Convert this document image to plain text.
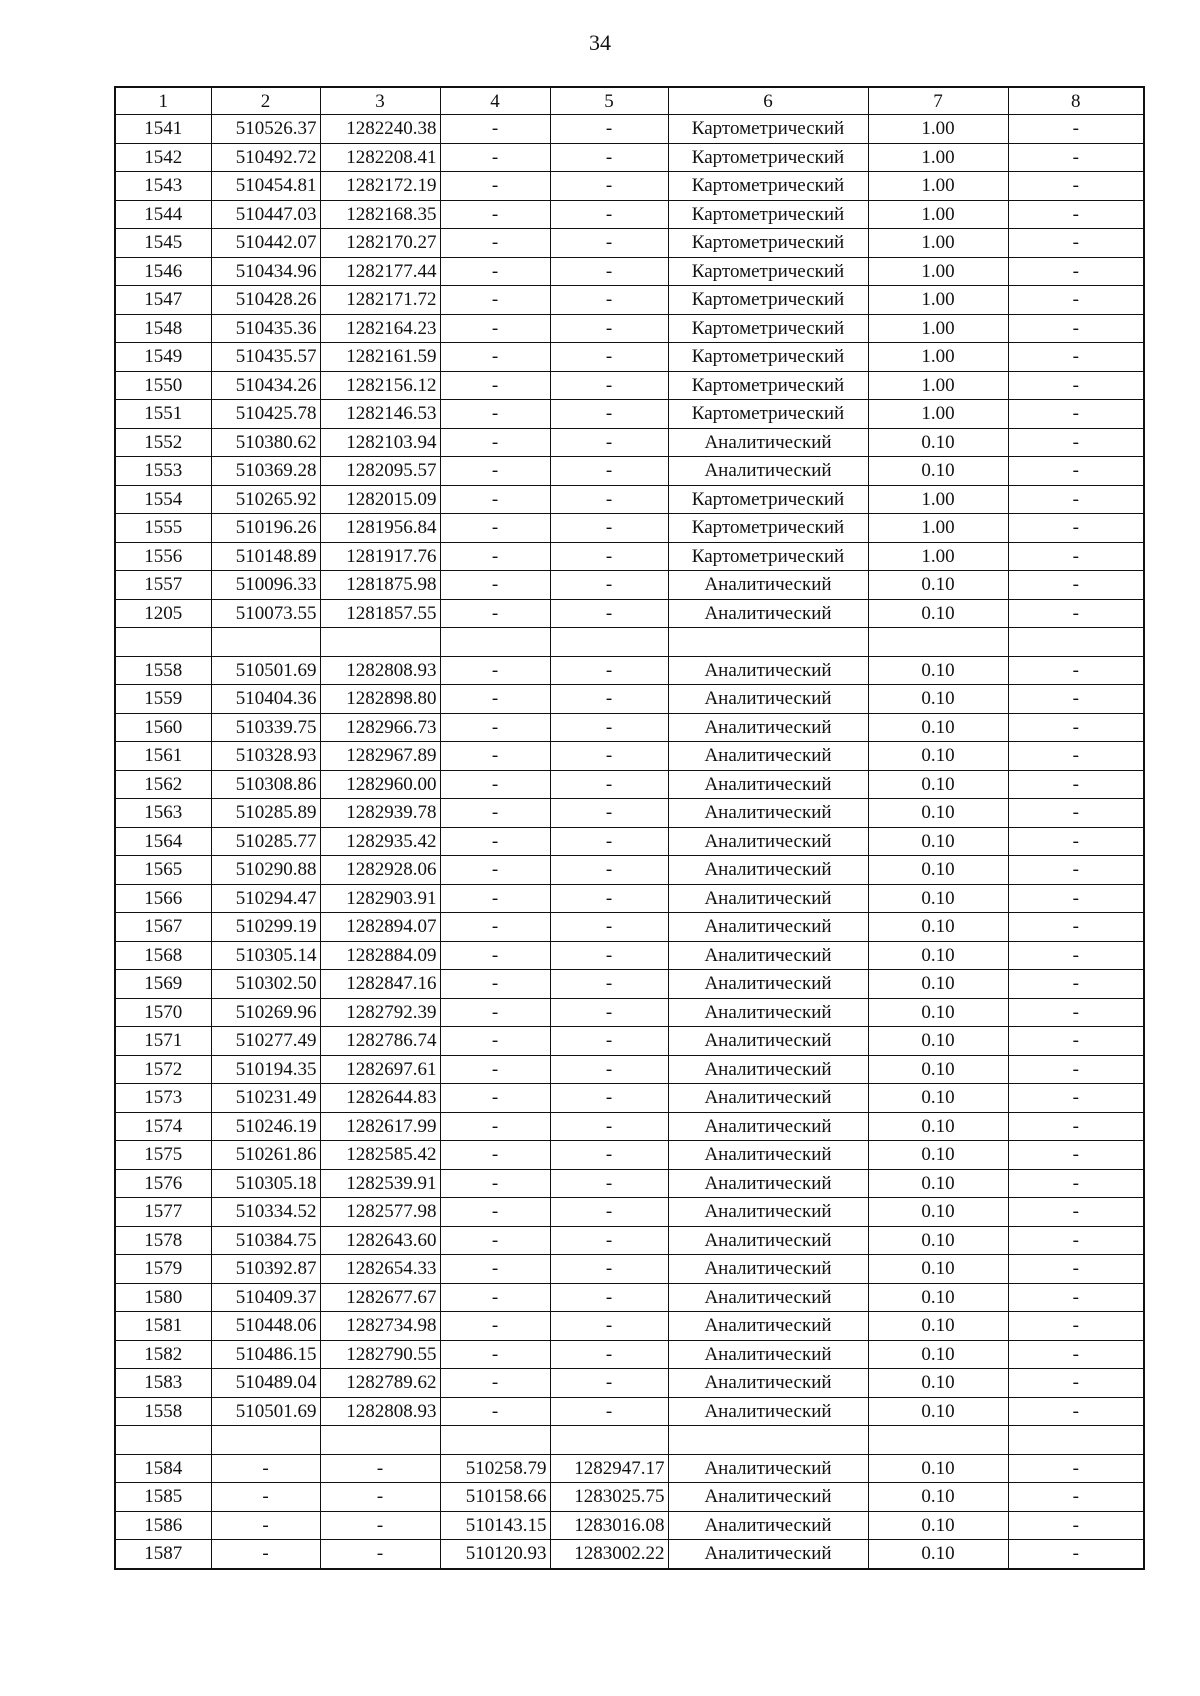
34
1	2	3	4	5	6	7	8
1541	510526.37	1282240.38	-	-	Картометрический	1.00	-
1542	510492.72	1282208.41	-	-	Картометрический	1.00	-
1543	510454.81	1282172.19	-	-	Картометрический	1.00	-
1544	510447.03	1282168.35	-	-	Картометрический	1.00	-
1545	510442.07	1282170.27	-	-	Картометрический	1.00	-
1546	510434.96	1282177.44	-	-	Картометрический	1.00	-
1547	510428.26	1282171.72	-	-	Картометрический	1.00	-
1548	510435.36	1282164.23	-	-	Картометрический	1.00	-
1549	510435.57	1282161.59	-	-	Картометрический	1.00	-
1550	510434.26	1282156.12	-	-	Картометрический	1.00	-
1551	510425.78	1282146.53	-	-	Картометрический	1.00	-
1552	510380.62	1282103.94	-	-	Аналитический	0.10	-
1553	510369.28	1282095.57	-	-	Аналитический	0.10	-
1554	510265.92	1282015.09	-	-	Картометрический	1.00	-
1555	510196.26	1281956.84	-	-	Картометрический	1.00	-
1556	510148.89	1281917.76	-	-	Картометрический	1.00	-
1557	510096.33	1281875.98	-	-	Аналитический	0.10	-
1205	510073.55	1281857.55	-	-	Аналитический	0.10	-

1558	510501.69	1282808.93	-	-	Аналитический	0.10	-
1559	510404.36	1282898.80	-	-	Аналитический	0.10	-
1560	510339.75	1282966.73	-	-	Аналитический	0.10	-
1561	510328.93	1282967.89	-	-	Аналитический	0.10	-
1562	510308.86	1282960.00	-	-	Аналитический	0.10	-
1563	510285.89	1282939.78	-	-	Аналитический	0.10	-
1564	510285.77	1282935.42	-	-	Аналитический	0.10	-
1565	510290.88	1282928.06	-	-	Аналитический	0.10	-
1566	510294.47	1282903.91	-	-	Аналитический	0.10	-
1567	510299.19	1282894.07	-	-	Аналитический	0.10	-
1568	510305.14	1282884.09	-	-	Аналитический	0.10	-
1569	510302.50	1282847.16	-	-	Аналитический	0.10	-
1570	510269.96	1282792.39	-	-	Аналитический	0.10	-
1571	510277.49	1282786.74	-	-	Аналитический	0.10	-
1572	510194.35	1282697.61	-	-	Аналитический	0.10	-
1573	510231.49	1282644.83	-	-	Аналитический	0.10	-
1574	510246.19	1282617.99	-	-	Аналитический	0.10	-
1575	510261.86	1282585.42	-	-	Аналитический	0.10	-
1576	510305.18	1282539.91	-	-	Аналитический	0.10	-
1577	510334.52	1282577.98	-	-	Аналитический	0.10	-
1578	510384.75	1282643.60	-	-	Аналитический	0.10	-
1579	510392.87	1282654.33	-	-	Аналитический	0.10	-
1580	510409.37	1282677.67	-	-	Аналитический	0.10	-
1581	510448.06	1282734.98	-	-	Аналитический	0.10	-
1582	510486.15	1282790.55	-	-	Аналитический	0.10	-
1583	510489.04	1282789.62	-	-	Аналитический	0.10	-
1558	510501.69	1282808.93	-	-	Аналитический	0.10	-

1584	-	-	510258.79	1282947.17	Аналитический	0.10	-
1585	-	-	510158.66	1283025.75	Аналитический	0.10	-
1586	-	-	510143.15	1283016.08	Аналитический	0.10	-
1587	-	-	510120.93	1283002.22	Аналитический	0.10	-
